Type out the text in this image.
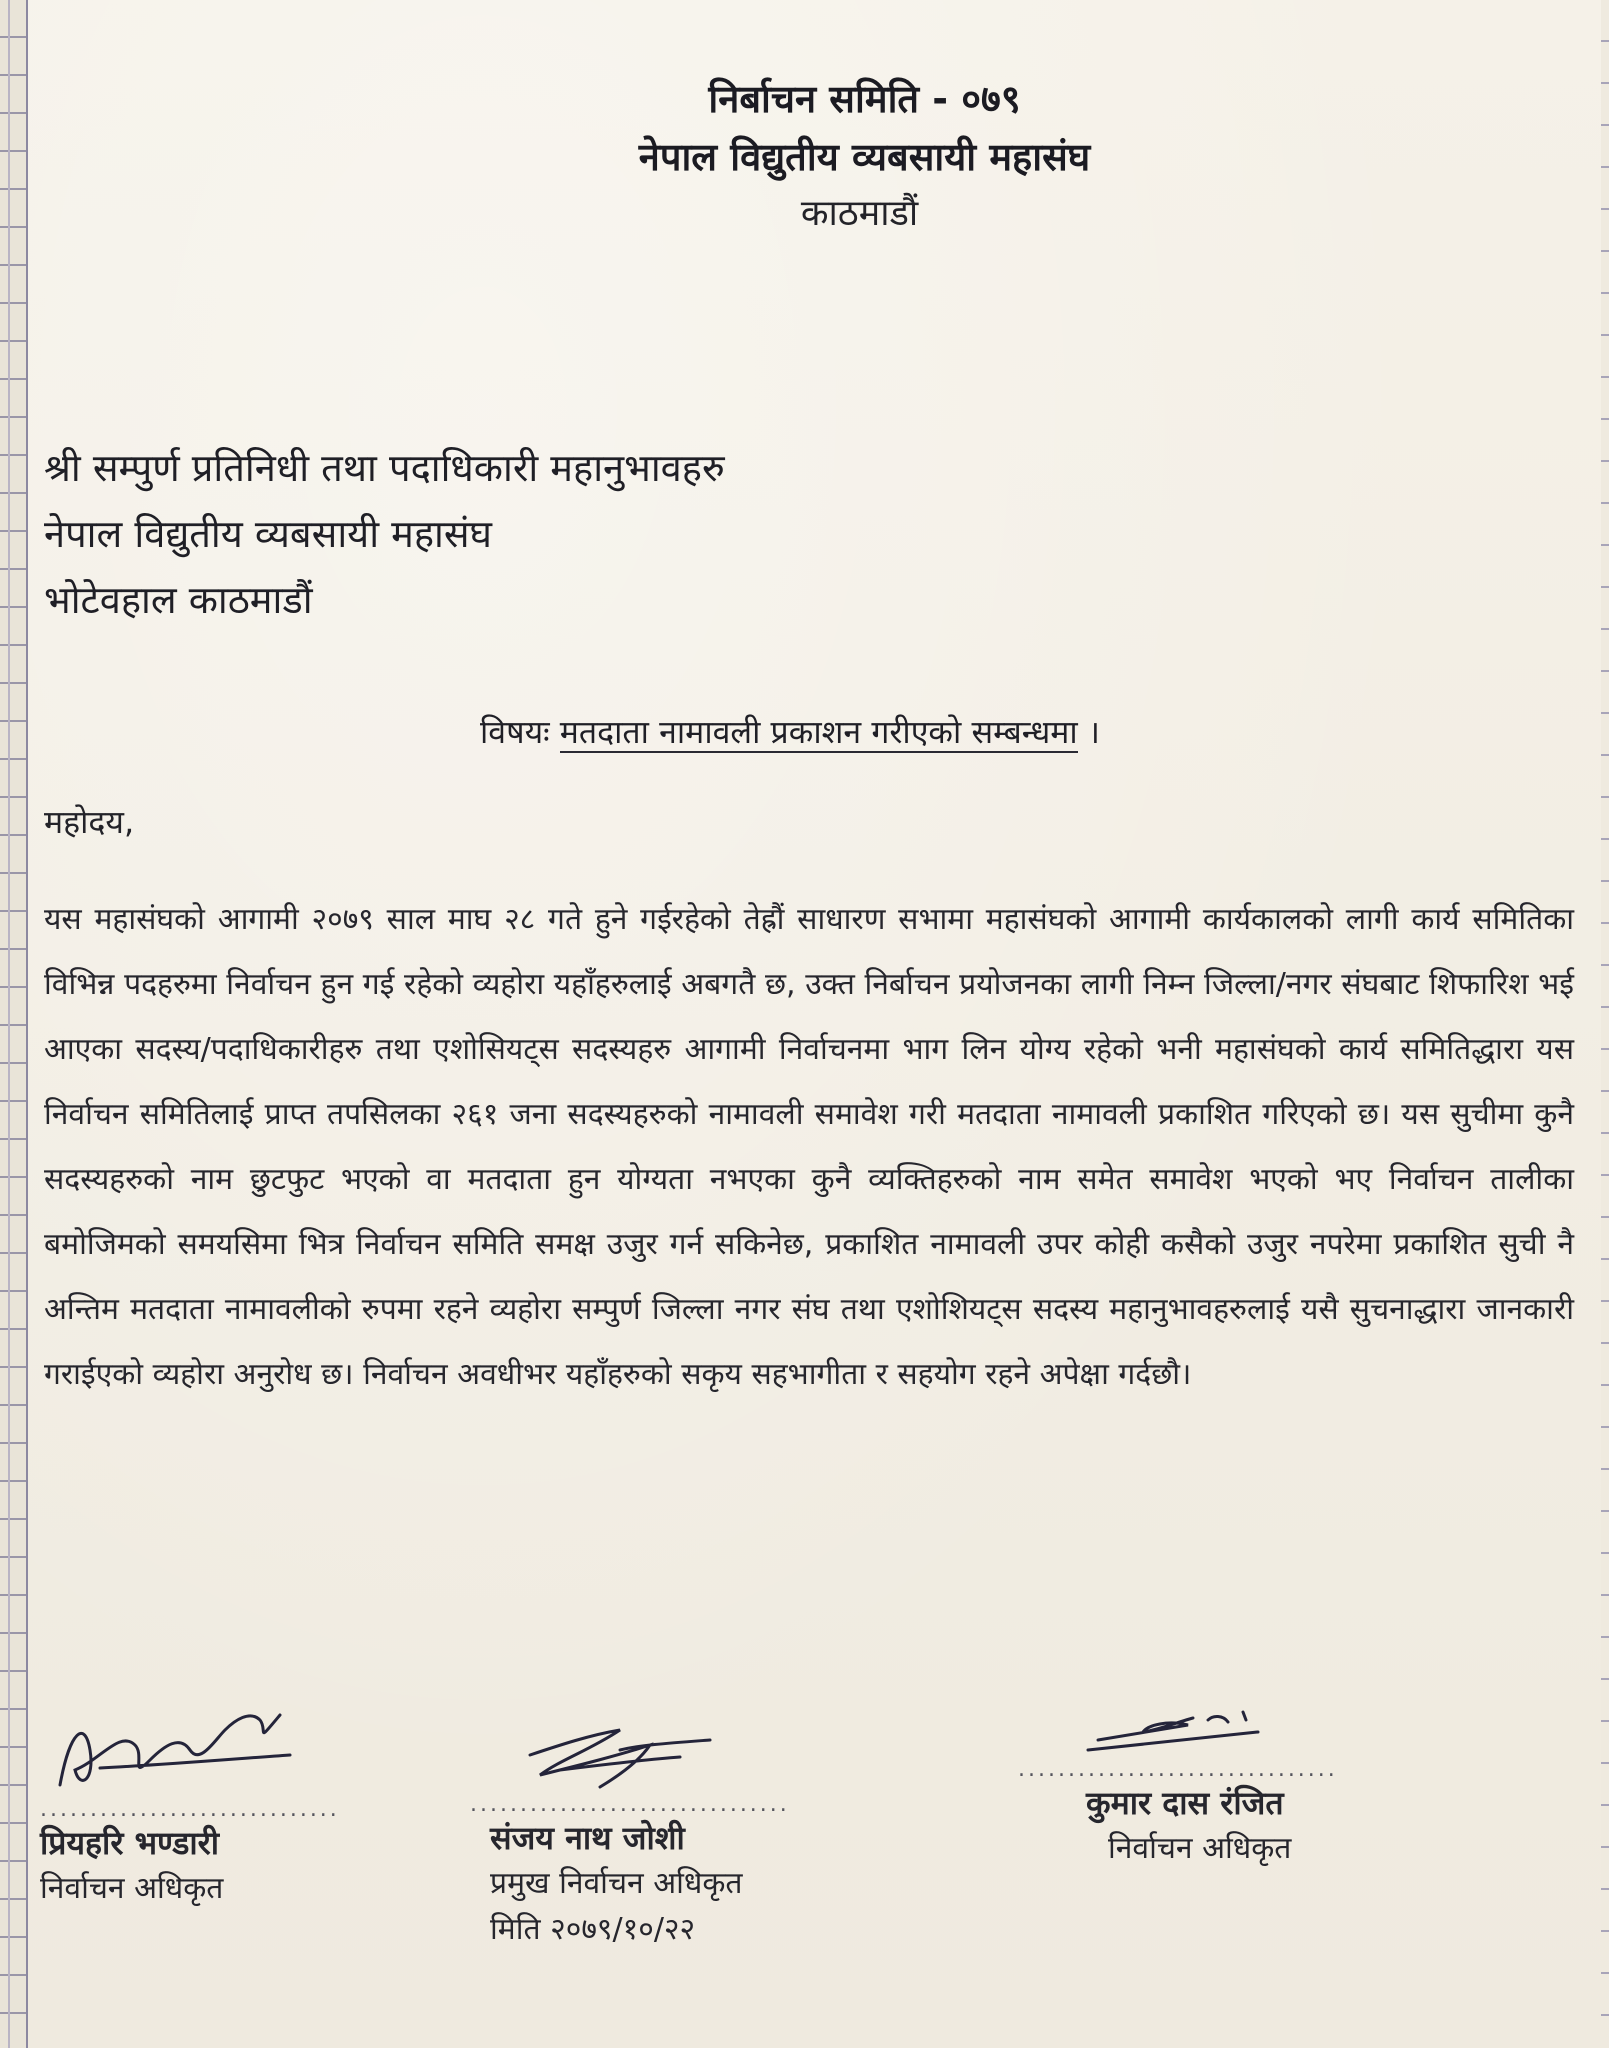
निर्बाचन समिति - ०७९
नेपाल विद्युतीय व्यबसायी महासंघ
काठमाडौं
श्री सम्पुर्ण प्रतिनिधी तथा पदाधिकारी महानुभावहरु
नेपाल विद्युतीय व्यबसायी महासंघ
भोटेवहाल काठमाडौं
विषयः मतदाता नामावली प्रकाशन गरीएको सम्बन्धमा ।
महोदय,

यस महासंघको आगामी २०७९ साल माघ २८ गते हुने गईरहेको तेह्रौं साधारण सभामा महासंघको आगामी कार्यकालको लागी कार्य समितिका विभिन्न पदहरुमा निर्वाचन हुन गई रहेको व्यहोरा यहाँहरुलाई अबगतै छ, उक्त निर्बाचन प्रयोजनका लागी निम्न जिल्ला/नगर संघबाट शिफारिश भई आएका सदस्य/पदाधिकारीहरु तथा एशोसियट्स सदस्यहरु आगामी निर्वाचनमा भाग लिन योग्य रहेको भनी महासंघको कार्य समितिद्धारा यस निर्वाचन समितिलाई प्राप्त तपसिलका २६१ जना सदस्यहरुको नामावली समावेश गरी मतदाता नामावली प्रकाशित गरिएको छ। यस सुचीमा कुनै सदस्यहरुको नाम छुटफुट भएको वा मतदाता हुन योग्यता नभएका कुनै व्यक्तिहरुको नाम समेत समावेश भएको भए निर्वाचन तालीका बमोजिमको समयसिमा भित्र निर्वाचन समिति समक्ष उजुर गर्न सकिनेछ, प्रकाशित नामावली उपर कोही कसैको उजुर नपरेमा प्रकाशित सुची नै अन्तिम मतदाता नामावलीको रुपमा रहने व्यहोरा सम्पुर्ण जिल्ला नगर संघ तथा एशोशियट्स सदस्य महानुभावहरुलाई यसै सुचनाद्धारा जानकारी गराईएको व्यहोरा अनुरोध छ। निर्वाचन अवधीभर यहाँहरुको सकृय सहभागीता र सहयोग रहने अपेक्षा गर्दछौ।
..............................
प्रियहरि भण्डारी
निर्वाचन अधिकृत
................................
संजय नाथ जोशी
प्रमुख निर्वाचन अधिकृत
मिति २०७९/१०/२२
................................
कुमार दास रंजित
निर्वाचन अधिकृत
